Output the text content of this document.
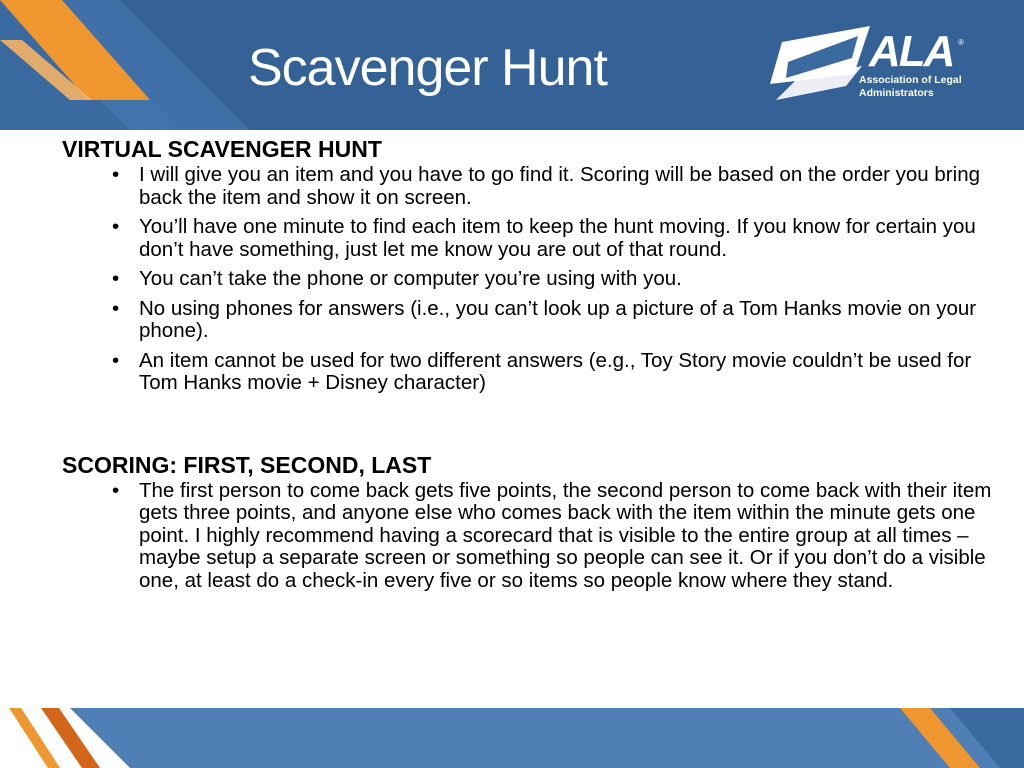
Scavenger Hunt	ALA ®
Association of Legal
Administrators
VIRTUAL SCAVENGER HUNT
• I will give you an item and you have to go find it. Scoring will be based on the order you bring back the item and show it on screen.
• You’ll have one minute to find each item to keep the hunt moving. If you know for certain you don’t have something, just let me know you are out of that round.
• You can’t take the phone or computer you’re using with you.
• No using phones for answers (i.e., you can’t look up a picture of a Tom Hanks movie on your phone).
• An item cannot be used for two different answers (e.g., Toy Story movie couldn’t be used for Tom Hanks movie + Disney character)
SCORING: FIRST, SECOND, LAST
• The first person to come back gets five points, the second person to come back with their item gets three points, and anyone else who comes back with the item within the minute gets one point. I highly recommend having a scorecard that is visible to the entire group at all times – maybe setup a separate screen or something so people can see it. Or if you don’t do a visible one, at least do a check-in every five or so items so people know where they stand.
